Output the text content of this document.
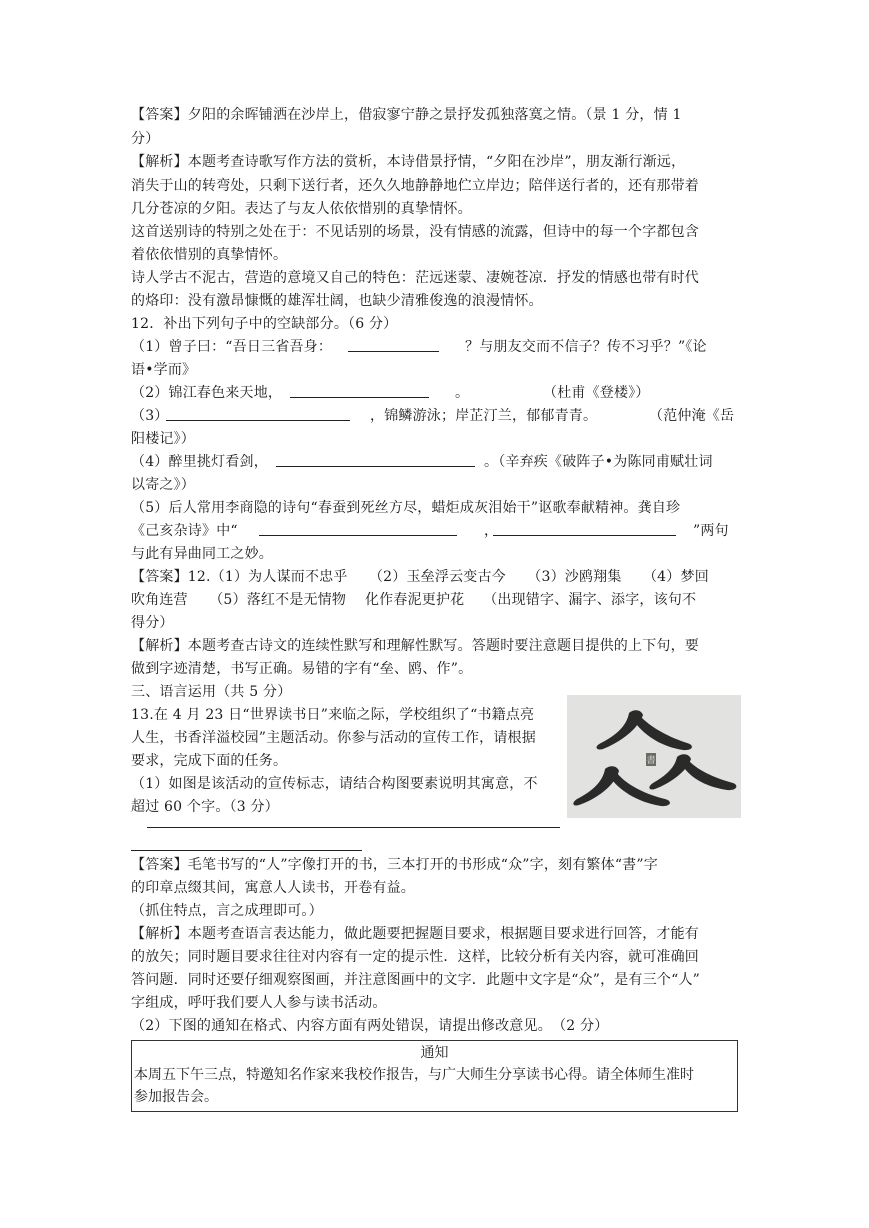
【答案】夕阳的余晖铺洒在沙岸上，借寂寥宁静之景抒发孤独落寞之情。（景 1 分，情 1
分）
【解析】本题考查诗歌写作方法的赏析，本诗借景抒情，“夕阳在沙岸”，朋友渐行渐远，
消失于山的转弯处，只剩下送行者，还久久地静静地伫立岸边；陪伴送行者的，还有那带着
几分苍凉的夕阳。表达了与友人依依惜别的真挚情怀。
这首送别诗的特别之处在于：不见话别的场景，没有情感的流露，但诗中的每一个字都包含
着依依惜别的真挚情怀。
诗人学古不泥古，营造的意境又自己的特色：茫远迷蒙、凄婉苍凉．抒发的情感也带有时代
的烙印：没有激昂慷慨的雄浑壮阔，也缺少清雅俊逸的浪漫情怀。
12．补出下列句子中的空缺部分。（6 分）
（1）曾子曰：“吾日三省吾身：	？与朋友交而不信子？传不习乎？”《论
语•学而》
（2）锦江春色来天地，	。	（杜甫《登楼》）
（3）	，锦鳞游泳；岸芷汀兰，郁郁青青。	（范仲淹《岳
阳楼记》）
（4）醉里挑灯看剑，	。（辛弃疾《破阵子•为陈同甫赋壮词
以寄之》）
（5）后人常用李商隐的诗句“春蚕到死丝方尽，蜡炬成灰泪始干”讴歌奉献精神。龚自珍
《己亥杂诗》中“	，	”两句
与此有异曲同工之妙。
【答案】12.（1）为人谋而不忠乎　　（2）玉垒浮云变古今　　（3）沙鸥翔集　　（4）梦回
吹角连营　　（5）落红不是无情物　 化作春泥更护花　 （出现错字、漏字、添字，该句不
得分）
【解析】本题考查古诗文的连续性默写和理解性默写。答题时要注意题目提供的上下句，要
做到字迹清楚，书写正确。易错的字有“垒、鸥、作”。
三、语言运用（共 5 分）
13.在 4 月 23 日“世界读书日”来临之际，学校组织了“书籍点亮
人生，书香洋溢校园”主题活动。你参与活动的宣传工作，请根据
要求，完成下面的任务。
（1）如图是该活动的宣传标志，请结合构图要素说明其寓意，不
超过 60 个字。（3 分）
書
【答案】毛笔书写的“人”字像打开的书，三本打开的书形成“众”字，刻有繁体“書”字
的印章点缀其间，寓意人人读书，开卷有益。
（抓住特点，言之成理即可。）
【解析】本题考查语言表达能力，做此题要把握题目要求，根据题目要求进行回答，才能有
的放矢；同时题目要求往往对内容有一定的提示性．这样，比较分析有关内容，就可准确回
答问题．同时还要仔细观察图画，并注意图画中的文字．此题中文字是“众”，是有三个“人”
字组成，呼吁我们要人人参与读书活动。
（2）下图的通知在格式、内容方面有两处错误，请提出修改意见。　（2 分）
通知
本周五下午三点，特邀知名作家来我校作报告，与广大师生分享读书心得。请全体师生准时
参加报告会。
